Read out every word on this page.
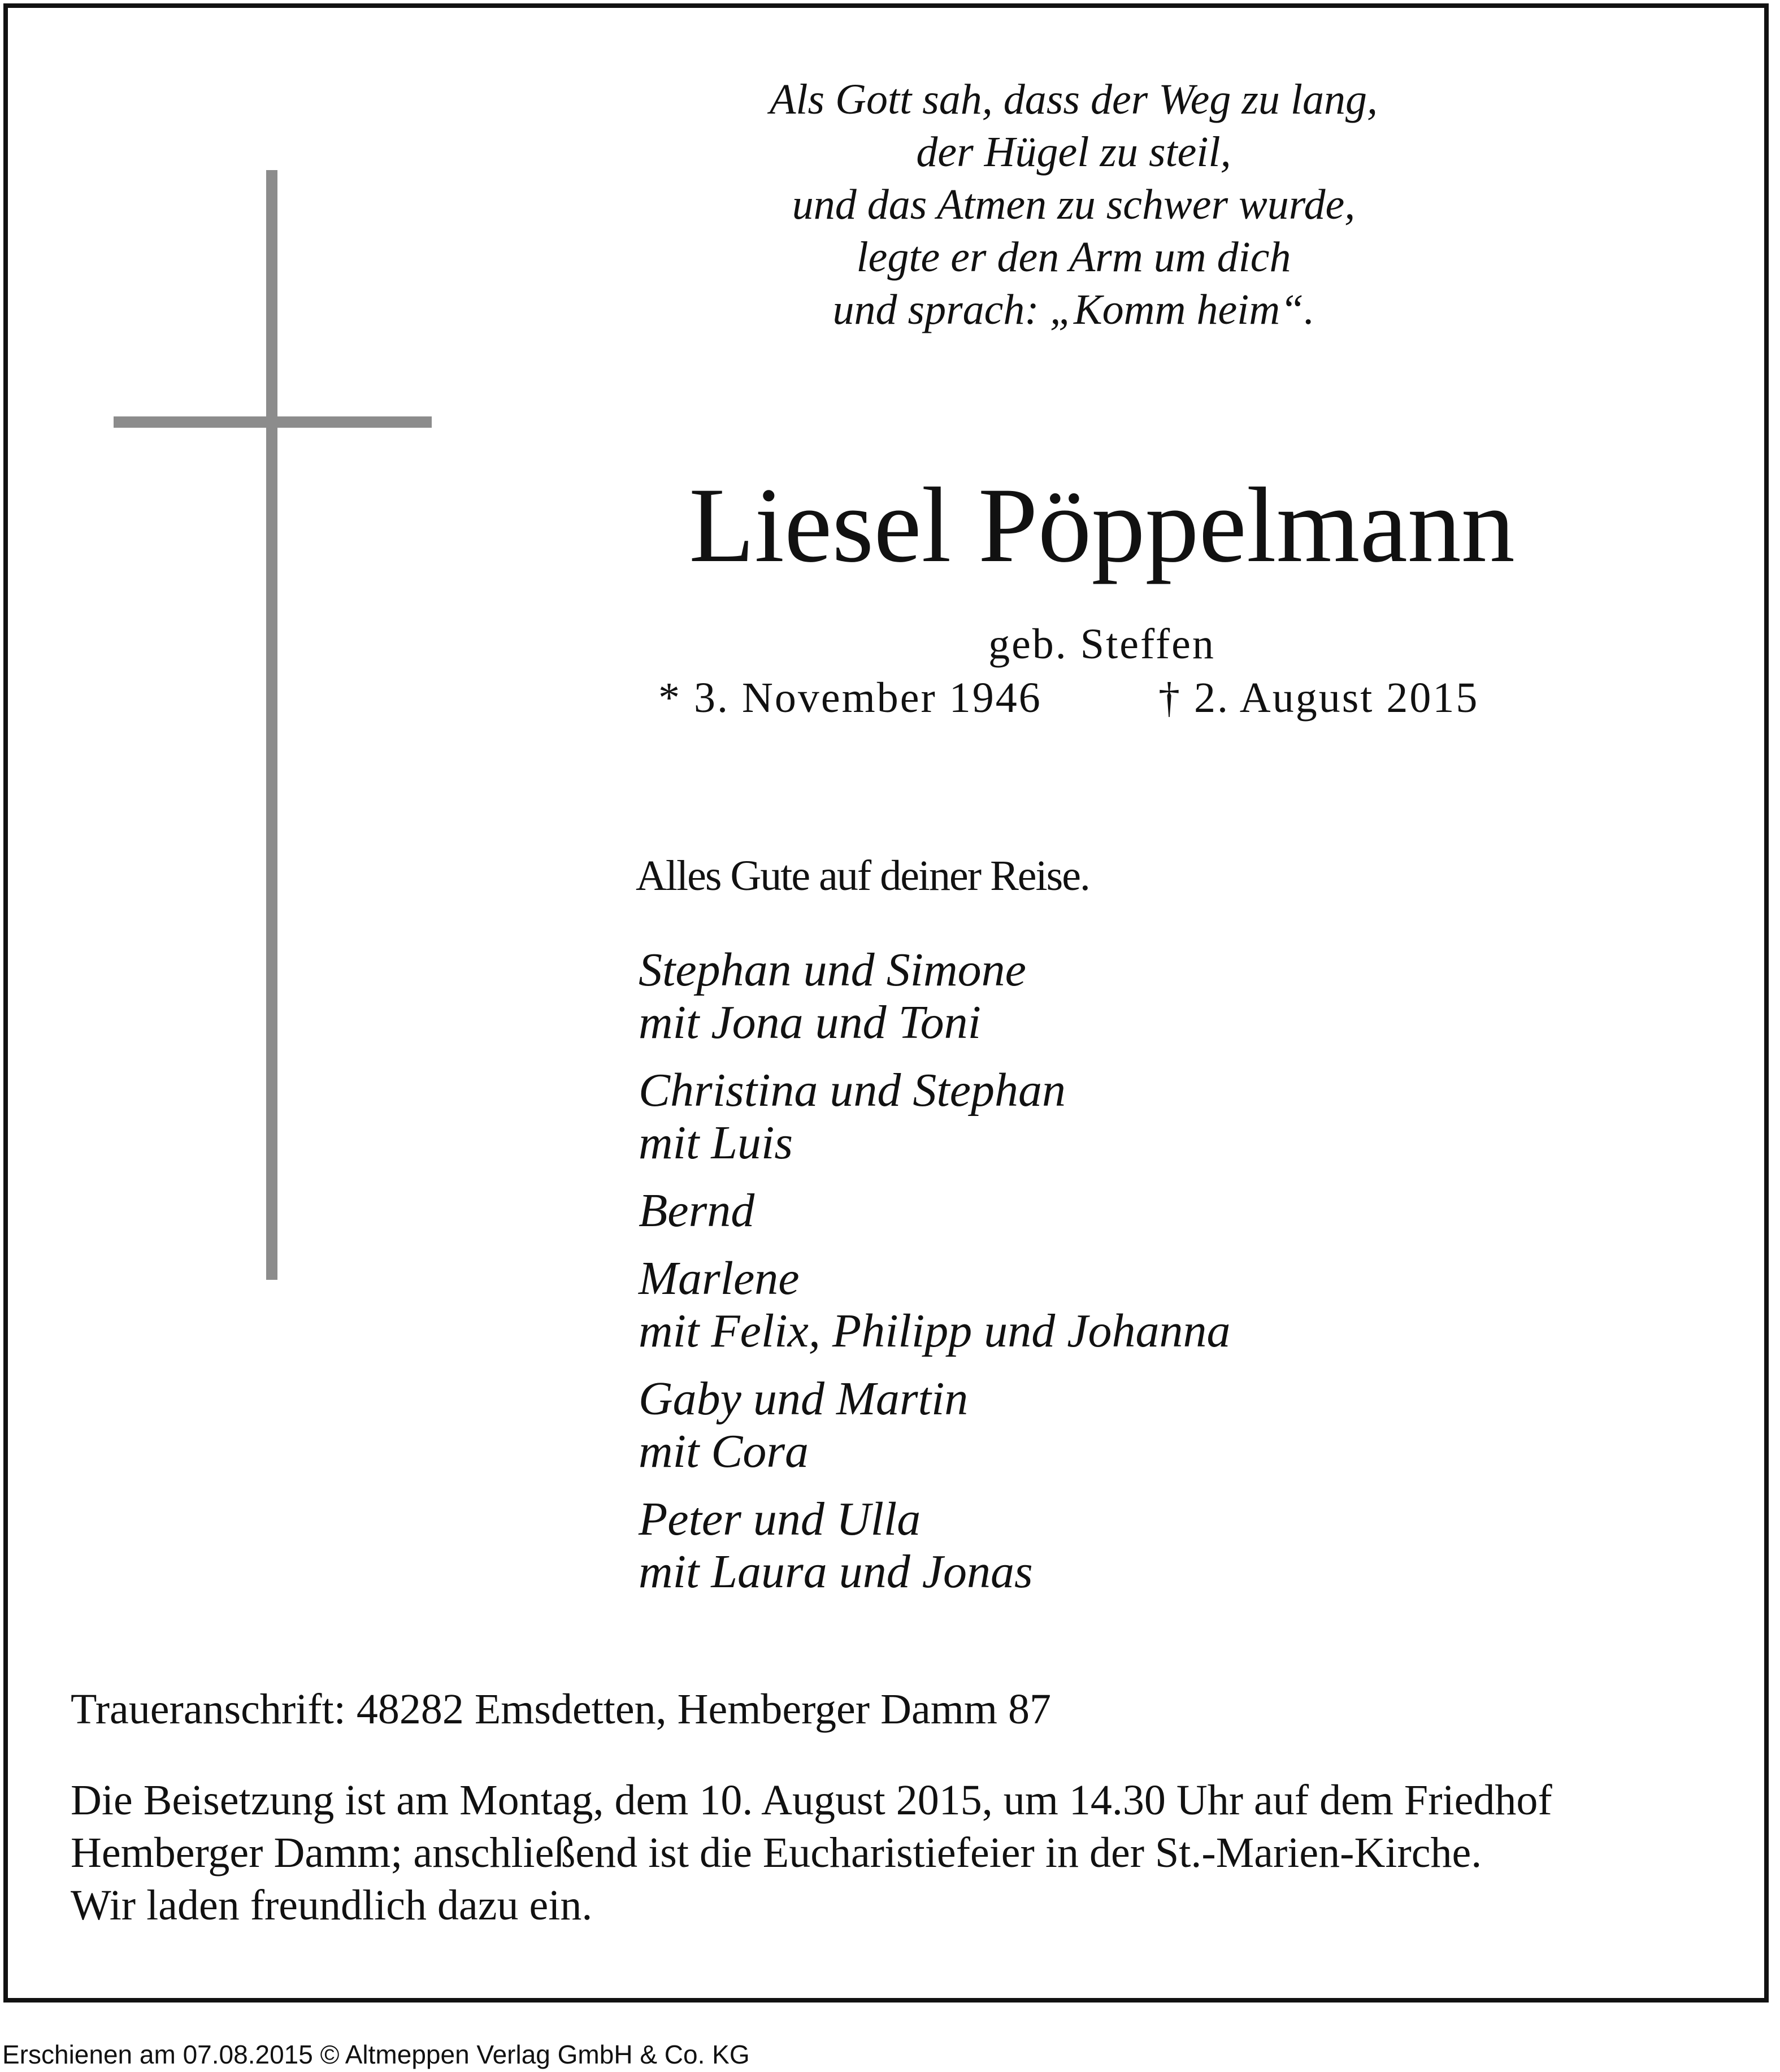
Als Gott sah, dass der Weg zu lang,
der Hügel zu steil,
und das Atmen zu schwer wurde,
legte er den Arm um dich
und sprach: „Komm heim“.
Liesel Pöppelmann
geb. Steffen
* 3. November 1946	† 2. August 2015
Alles Gute auf deiner Reise.
Stephan und Simone
mit Jona und Toni
Christina und Stephan
mit Luis
Bernd
Marlene
mit Felix, Philipp und Johanna
Gaby und Martin
mit Cora
Peter und Ulla
mit Laura und Jonas
Traueranschrift: 48282 Emsdetten, Hemberger Damm 87
Die Beisetzung ist am Montag, dem 10. August 2015, um 14.30 Uhr auf dem Friedhof
Hemberger Damm; anschließend ist die Eucharistiefeier in der St.-Marien-Kirche.
Wir laden freundlich dazu ein.
Erschienen am 07.08.2015 © Altmeppen Verlag GmbH & Co. KG
